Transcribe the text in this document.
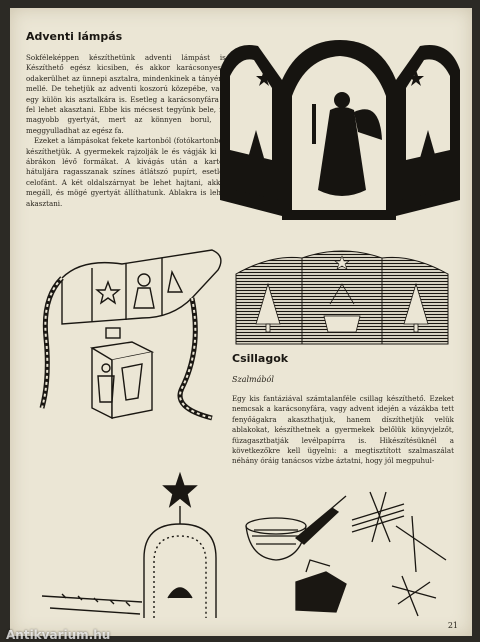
Adventi lámpás

Sokféleképpen készíthetünk adventi lámpást is. Készíthető egész kicsiben, és akkor karácsonyeste odakerülhet az ünnepi asztalra, mindenkinek a tányérja mellé. De tehetjük az adventi koszorú közepébe, vagy egy külön kis asztalkára is. Esetleg a karácsonyfára is fel lehet akasztani. Ebbe kis mécsest tegyünk bele, ne magyobb gyertyát, mert az könnyen borul, és meggyulladhat az egész fa.

Ezeket a lámpásokat fekete kartonból (fotókartonból) készíthetjük. A gyermekek rajzolják le és vágják ki az ábrákon lévő formákat. A kivágás után a karton hátuljára ragasszanak színes átlátszó pupírt, esetleg celofánt. A két oldalszárnyat be lehet hajtani, akkor megáll, és mögé gyertyát állíthatunk. Ablakra is lehet akasztani.

Csillagok
Szalmából

Egy kis fantáziával számtalanféle csillag készíthető. Ezeket nemcsak a karácsonyfára, vagy advent idején a vázákba tett fenyőágakra akaszthatjuk, hanem díszíthetjük velük ablakokat, készíthetnek a gyermekek belőlük könyvjelzőt, füzagasztbatják levélpapírra is. Hikészítésüknél a következőkre kell ügyelni: a megtisztított szalmaszálat néhány óráig tanácsos vízbe áztatni, hogy jól megpuhul-

21
Antikvarium.hu
